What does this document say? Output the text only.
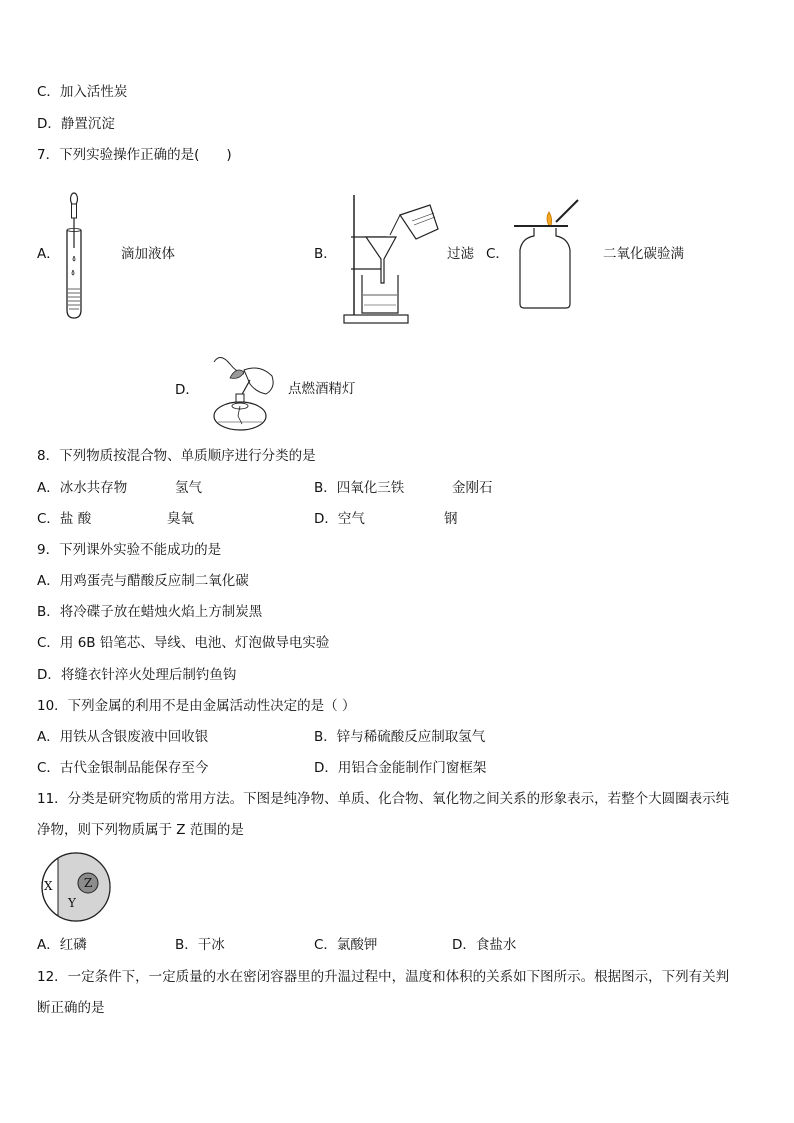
C．加入活性炭
D．静置沉淀
7．下列实验操作正确的是(　　)
A．	滴加液体	B．	过滤 C．	二氧化碳验满
D．	点燃酒精灯
8．下列物质按混合物、单质顺序进行分类的是
A．冰水共存物	氢气	B．四氧化三铁	金刚石
C．盐 酸	臭氧	D．空气	钢
9．下列课外实验不能成功的是
A．用鸡蛋壳与醋酸反应制二氧化碳
B．将冷碟子放在蜡烛火焰上方制炭黑
C．用 6B 铅笔芯、导线、电池、灯泡做导电实验
D．将缝衣针淬火处理后制钓鱼钩
10．下列金属的利用不是由金属活动性决定的是（ ）
A．用铁从含银废液中回收银	B．锌与稀硫酸反应制取氢气
C．古代金银制品能保存至今	D．用铝合金能制作门窗框架
11．分类是研究物质的常用方法。下图是纯净物、单质、化合物、氧化物之间关系的形象表示，若整个大圆圈表示纯
净物，则下列物质属于 Z 范围的是
X	Z
Y
A．红磷	B．干冰	C．氯酸钾	D．食盐水
12．一定条件下，一定质量的水在密闭容器里的升温过程中，温度和体积的关系如下图所示。根据图示，下列有关判
断正确的是
